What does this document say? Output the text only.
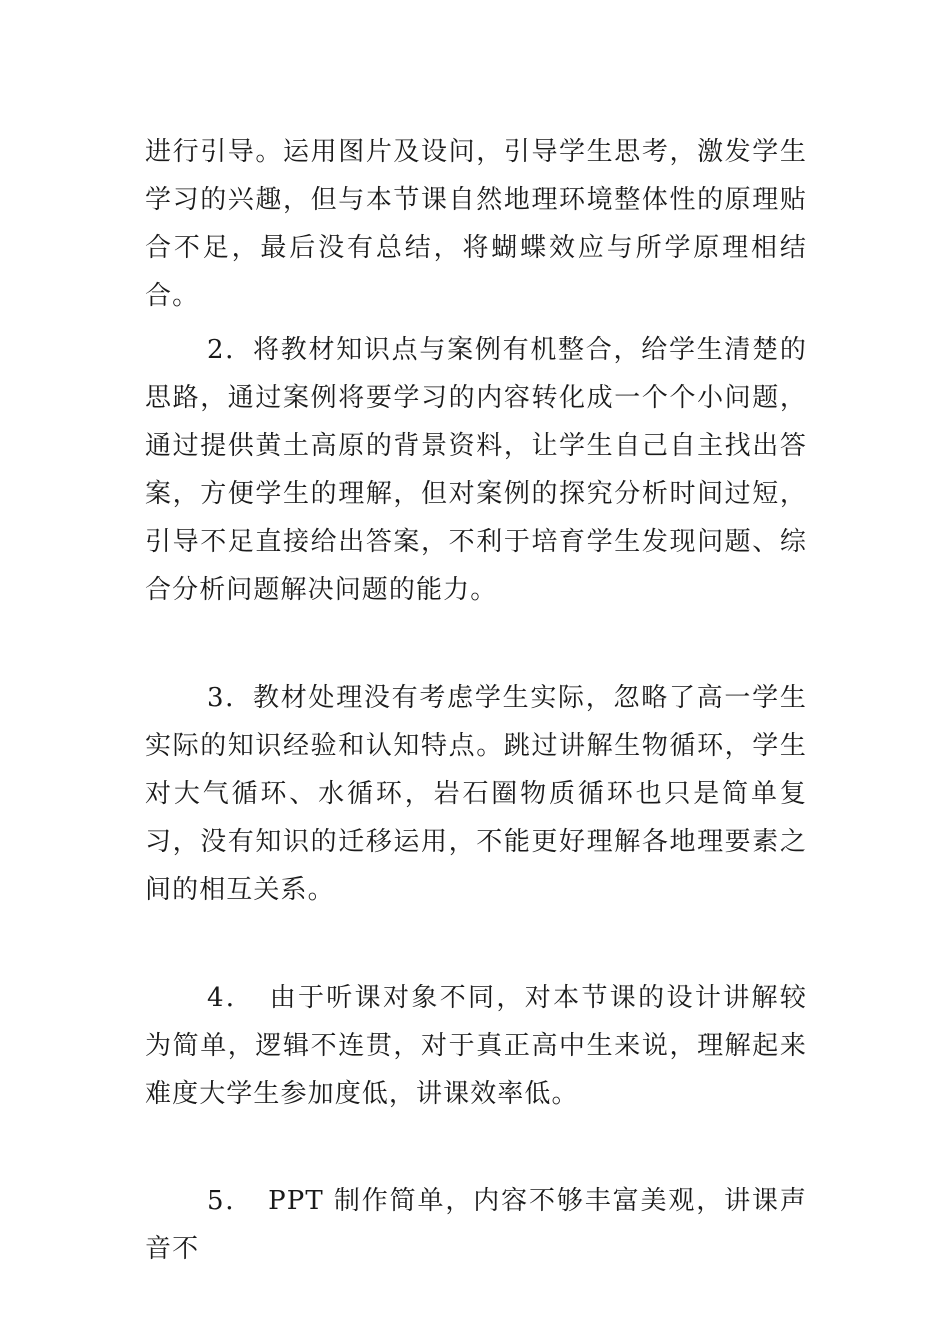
进行引导。运用图片及设问，引导学生思考，激发学生学习的兴趣，但与本节课自然地理环境整体性的原理贴合不足，最后没有总结，将蝴蝶效应与所学原理相结合。

2．将教材知识点与案例有机整合，给学生清楚的思路，通过案例将要学习的内容转化成一个个小问题，通过提供黄土高原的背景资料，让学生自己自主找出答案，方便学生的理解，但对案例的探究分析时间过短，引导不足直接给出答案，不利于培育学生发现问题、综合分析问题解决问题的能力。

3．教材处理没有考虑学生实际，忽略了高一学生实际的知识经验和认知特点。跳过讲解生物循环，学生对大气循环、水循环，岩石圈物质循环也只是简单复习，没有知识的迁移运用，不能更好理解各地理要素之间的相互关系。

4．　由于听课对象不同，对本节课的设计讲解较为简单，逻辑不连贯，对于真正高中生来说，理解起来难度大学生参加度低，讲课效率低。

5．　PPT 制作简单，内容不够丰富美观，讲课声音不
